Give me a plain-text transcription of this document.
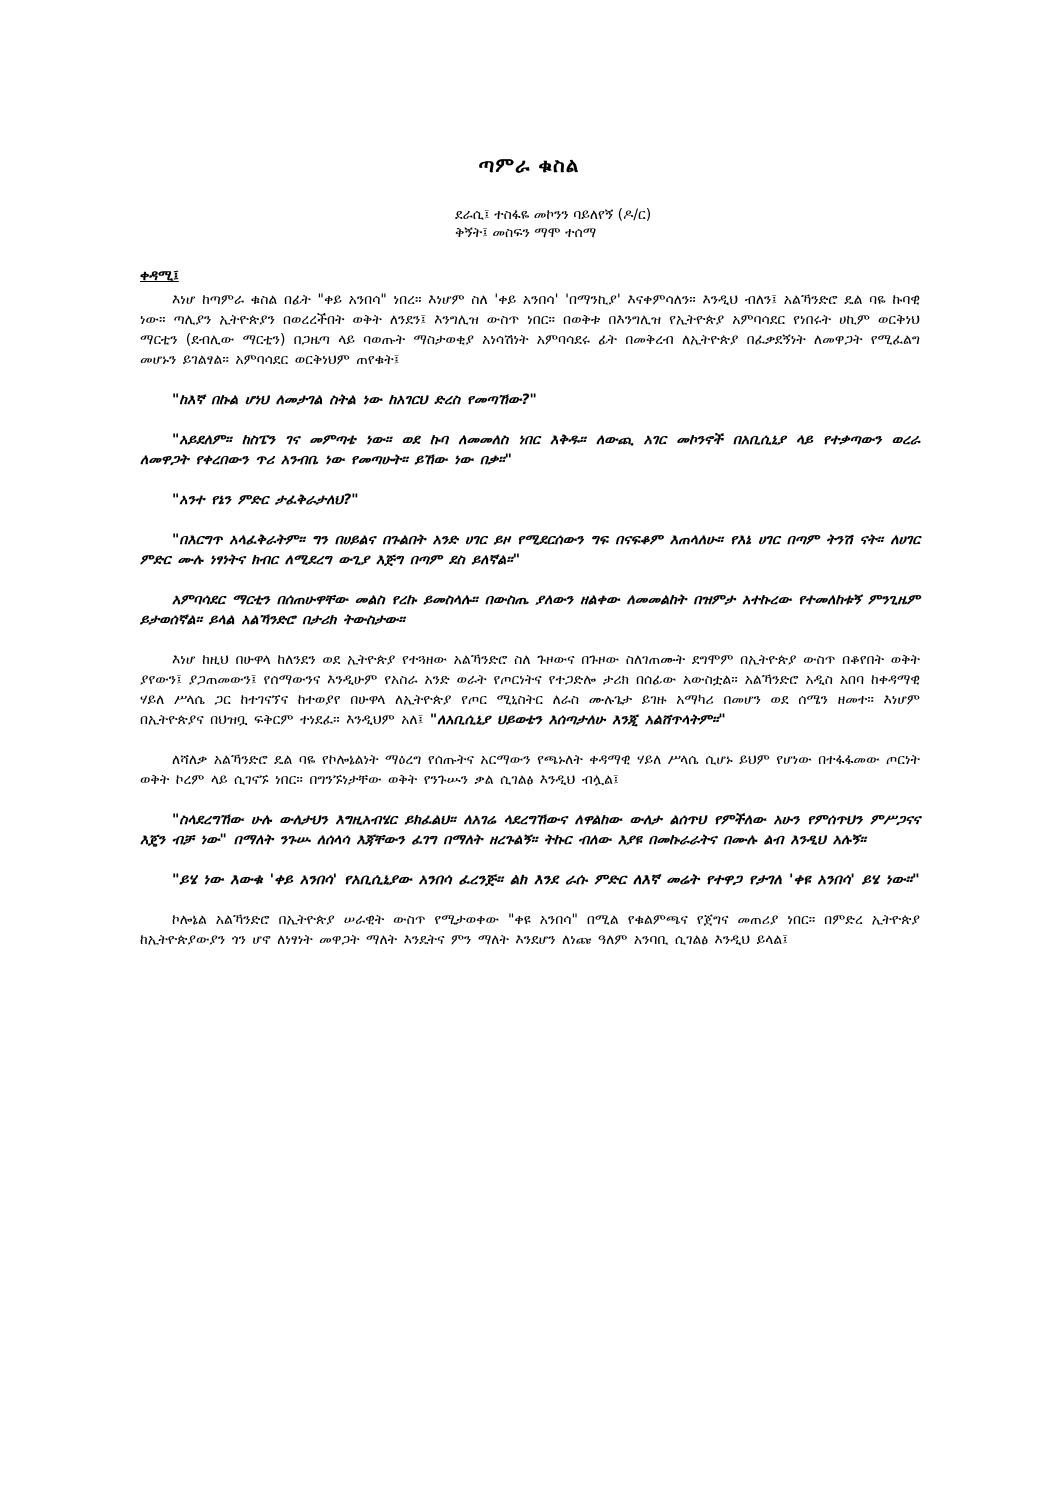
ጣምራ ቁስል
ደራሲ፤ ተስፋዬ መኮንን ባይለየኝ (ዶ/ር)
ቅኝት፤ መስፍን ማሞ ተሰማ
ቀዳሚ፤

እነሆ ከጣምራ ቁስል በፊት "ቀይ አንበሳ" ነበረ። እነሆም ስለ 'ቀይ አንበሳ' 'በማንኪያ' እናቀምሳለን። እንዲህ ብለን፤ አልኻንድሮ ዴል ባዬ ኩባዊ ነው። ጣሊያን ኢትዮጵያን በወረረችበት ወቅት ለንደን፤ እንግሊዝ ውስጥ ነበር። በወቅቱ በእንግሊዝ የኢትዮጵያ አምባሳደር የነበሩት ሀኪም ወርቅነህ ማርቲን (ደብሊው ማርቲን) በጋዜጣ ላይ ባወጡት ማስታወቂያ አነሳሽነት አምባሳደሩ ፊት በመቅረብ ለኢትዮጵያ በፈቃደኝነት ለመዋጋት የሚፈልግ መሆኑን ይገልፃል። አምባሳደር ወርቅነህም ጠየቁት፤

"ከእኛ በኩል ሆነህ ለመታገል ስትል ነው ከአገርህ ድረስ የመጣኸው?"

"አይደለም። ከስፔን ገና መምጣቴ ነው። ወደ ኩባ ለመመለስ ነበር እቅዱ። ለውጪ አገር መኮንኖች በአቢሲኒያ ላይ የተቃጣውን ወረራ ለመዋጋት የቀረበውን ጥሪ አንብቤ ነው የመጣሁት። ይኸው ነው በቃ።"

"አንተ የኔን ምድር ታፈቅራታለህ?"

"በእርግጥ አላፈቅራትም። ግን በሀይልና በጉልበት አንድ ሀገር ይዞ የሚደርሰውን ግፍ በናፍቆም እጠላለሁ። የእኔ ሀገር በጣም ትንሽ ናት። ለሀገር ምድር ሙሉ ነፃነትና ክብር ለሚደረግ ውጊያ እጅግ በጣም ደስ ይለኛል።"

አምባሳደር ማርቲን በሰጠሁዋቸው መልስ የረኩ ይመስላሉ። በውስጤ ያለውን ዘልቀው ለመመልከት በዝምታ አተኩረው የተመለከቱኝ ምንጊዜም ይታወሰኛል። ይላል አልኻንድሮ በታሪክ ትውስታው።

እነሆ ከዚህ በሁዋላ ከለንደን ወደ ኢትዮጵያ የተጓዘው አልኻንድሮ ስለ ጉዞውና በጉዞው ስለገጠሙት ደግሞም በኢትዮጵያ ውስጥ በቆየበት ወቅት ያየውን፤ ያጋጠመውን፤ የሰማውንና እንዲሁም የአስራ አንድ ወራት የጦርነትና የተጋድሎ ታሪክ በሰፊው አውስቷል። አልኻንድሮ አዲስ አበባ ከቀዳማዊ ሃይለ ሥላሴ ጋር ከተገናኘና ከተወያየ በሁዋላ ለኢትዮጵያ የጦር ሚኒስትር ለራስ ሙሉጌታ ይገዙ አማካሪ በመሆን ወደ ሰሜን ዘመተ። እነሆም በኢትዮጵያና በህዝቧ ፍቅርም ተነደፈ። እንዲህም አለ፤ "ለአቢሲኒያ ህይወቴን እሰጣታለሁ እንጂ አልሸጥላትም።"

ለሻለቃ አልኻንድሮ ዴል ባዬ የኮሎኔልነት ማዕረግ የሰጡትና አርማውን የጫኑለት ቀዳማዊ ሃይለ ሥላሴ ሲሆኑ ይህም የሆነው በተፋፋመው ጦርነት ወቅት ኮረም ላይ ሲገናኙ ነበር። በግንኙነታቸው ወቅት የንጉሡን ቃል ሲገልፅ እንዲህ ብሏል፤

"ስላደረግኸው ሁሉ ውለታህን እግዚአብሄር ይክፈልህ። ለአገሬ ላደረግኸውና ለዋልከው ውለታ ልሰጥህ የምችለው አሁን የምሰጥህን ምሥጋናና እጄን ብቻ ነው" በማለት ንጉሡ ለሰላሳ እጃቸውን ፈገግ በማለት ዘረጉልኝ። ትኩር ብለው እያዩ በመኩራራትና በሙሉ ልብ እንዲህ አሉኝ።

"ይሄ ነው እውቁ 'ቀይ አንበሳ' የአቢሲኒያው አንበሳ ፈረንጅ። ልክ እንደ ራሱ ምድር ለእኛ መሬት የተዋጋ የታገለ 'ቀዩ አንበሳ' ይሄ ነው።"

ኮሎኔል አልኻንድሮ በኢትዮጵያ ሠራዊት ውስጥ የሚታወቀው "ቀዩ አንበሳ" በሚል የቁልምጫና የጀግና መጠሪያ ነበር። በምድረ ኢትዮጵያ ከኢትዮጵያውያን ጎን ሆኖ ለነፃነት መዋጋት ማለት እንዴትና ምን ማለት እንደሆን ለነጩ ዓለም አንባቢ ሲገልፅ እንዲህ ይላል፤
